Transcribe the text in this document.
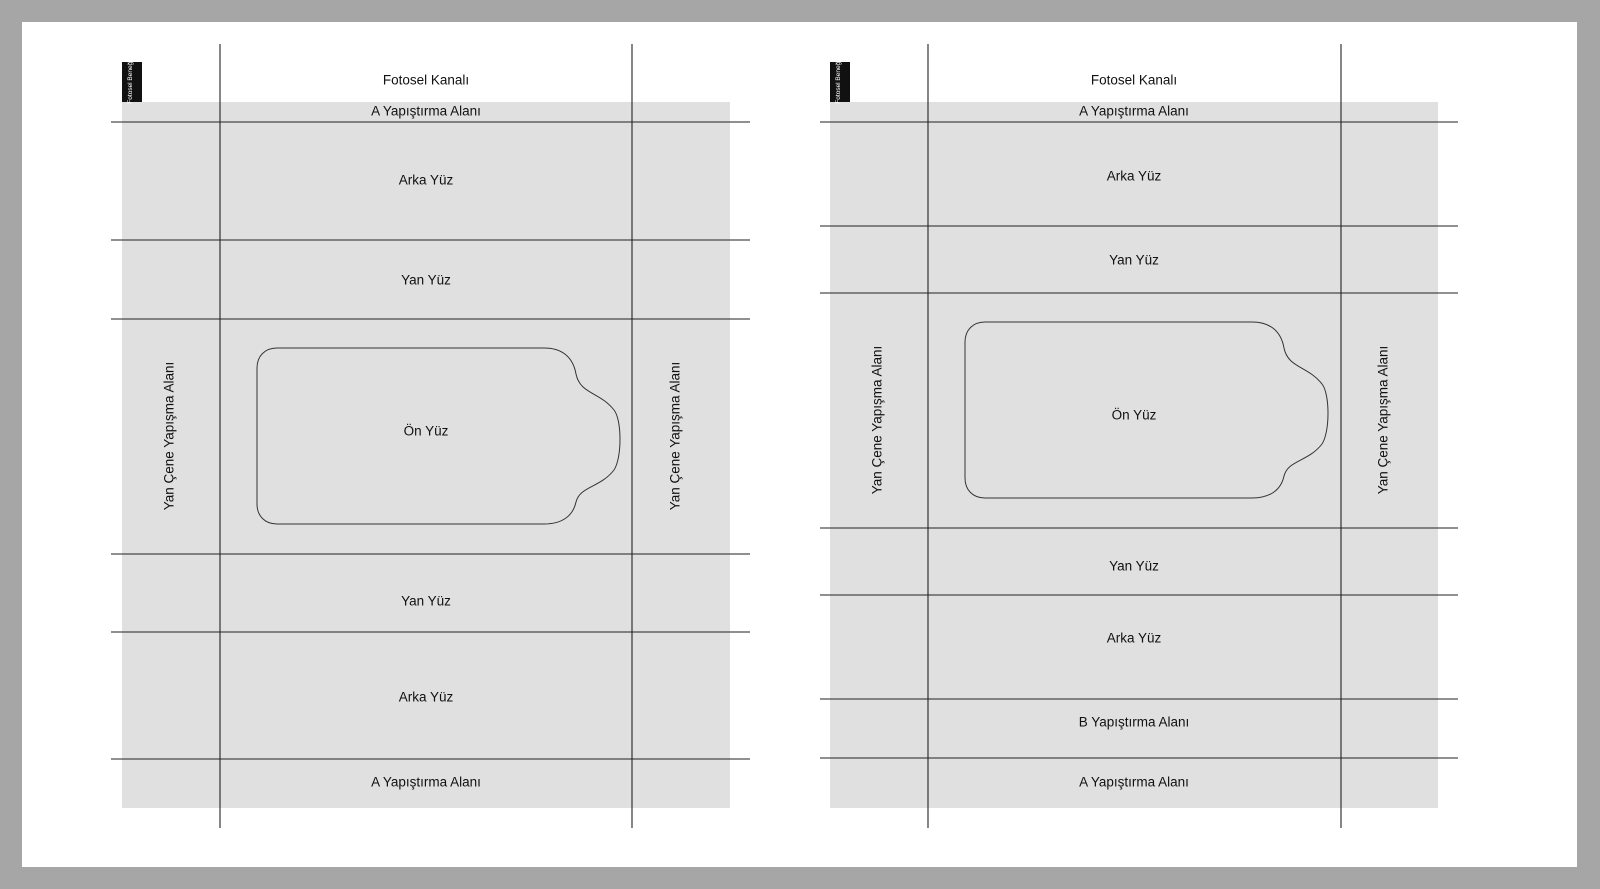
Fotosel Beneği	Fotosel Kanalı
A Yapıştırma Alanı
Arka Yüz
Yan Yüz
Ön Yüz
Yan Yüz
Arka Yüz
A Yapıştırma Alanı
Yan Çene Yapışma Alanı	Yan Çene Yapışma Alanı
Fotosel Beneği	Fotosel Kanalı
A Yapıştırma Alanı
Arka Yüz
Yan Yüz
Ön Yüz
Yan Yüz
Arka Yüz
B Yapıştırma Alanı
A Yapıştırma Alanı
Yan Çene Yapışma Alanı	Yan Çene Yapışma Alanı
